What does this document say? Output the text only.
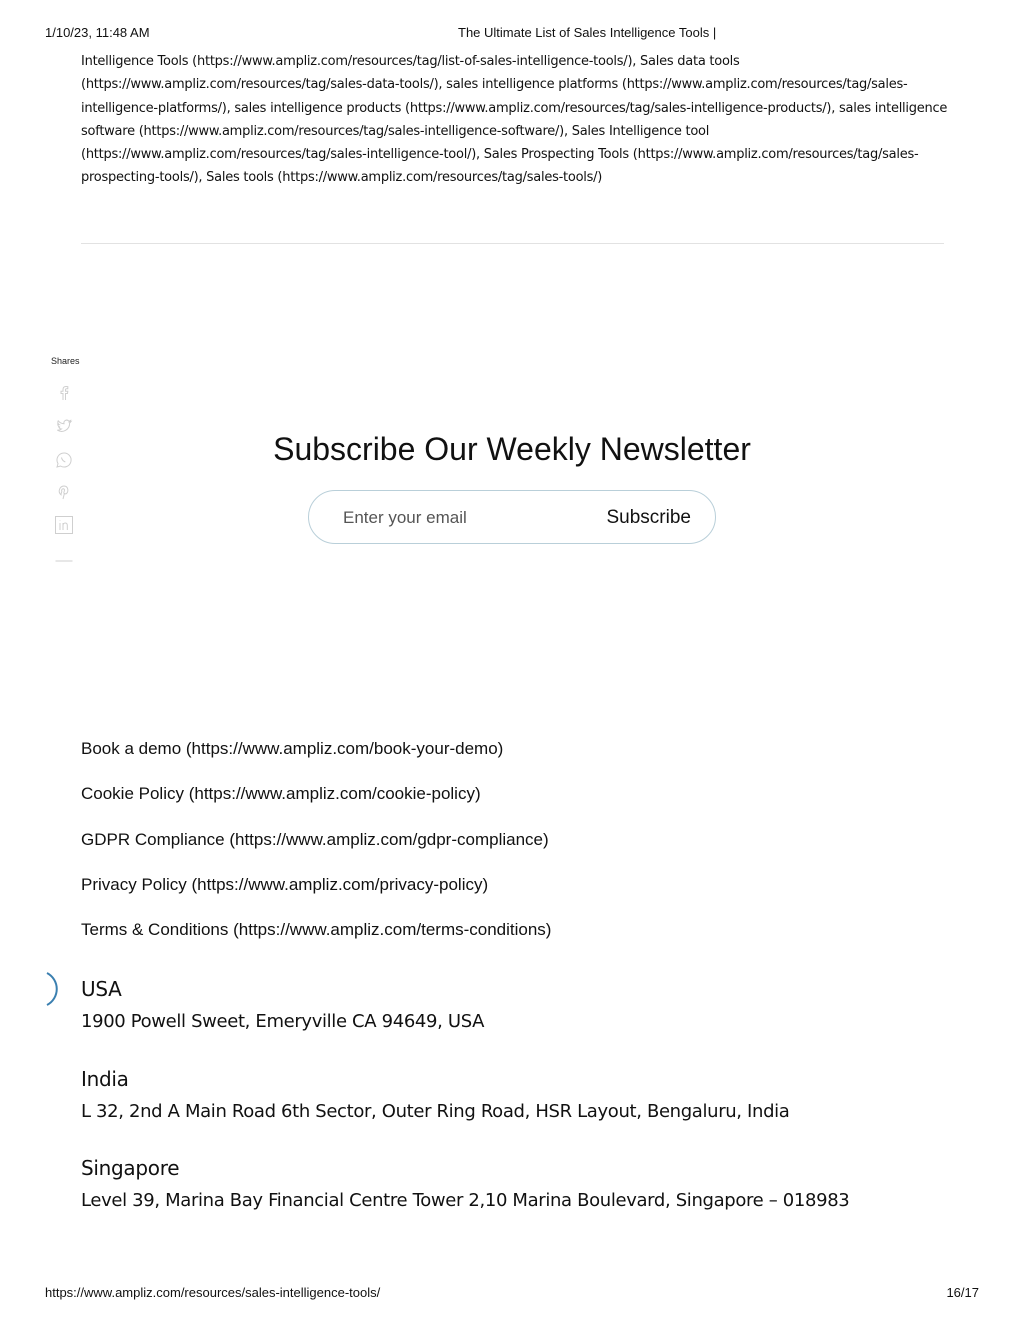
1/10/23, 11:48 AM	The Ultimate List of Sales Intelligence Tools |
Intelligence Tools (https://www.ampliz.com/resources/tag/list-of-sales-intelligence-tools/), Sales data tools
(https://www.ampliz.com/resources/tag/sales-data-tools/), sales intelligence platforms (https://www.ampliz.com/resources/tag/sales-
intelligence-platforms/), sales intelligence products (https://www.ampliz.com/resources/tag/sales-intelligence-products/), sales intelligence
software (https://www.ampliz.com/resources/tag/sales-intelligence-software/), Sales Intelligence tool
(https://www.ampliz.com/resources/tag/sales-intelligence-tool/), Sales Prospecting Tools (https://www.ampliz.com/resources/tag/sales-
prospecting-tools/), Sales tools (https://www.ampliz.com/resources/tag/sales-tools/)
Shares
Subscribe Our Weekly Newsletter
Enter your email
Subscribe
Book a demo (https://www.ampliz.com/book-your-demo)
Cookie Policy (https://www.ampliz.com/cookie-policy)
GDPR Compliance (https://www.ampliz.com/gdpr-compliance)
Privacy Policy (https://www.ampliz.com/privacy-policy)
Terms & Conditions (https://www.ampliz.com/terms-conditions)
USA
1900 Powell Sweet, Emeryville CA 94649, USA
India
L 32, 2nd A Main Road 6th Sector, Outer Ring Road, HSR Layout, Bengaluru, India
Singapore
Level 39, Marina Bay Financial Centre Tower 2,10 Marina Boulevard, Singapore – 018983
https://www.ampliz.com/resources/sales-intelligence-tools/	16/17
